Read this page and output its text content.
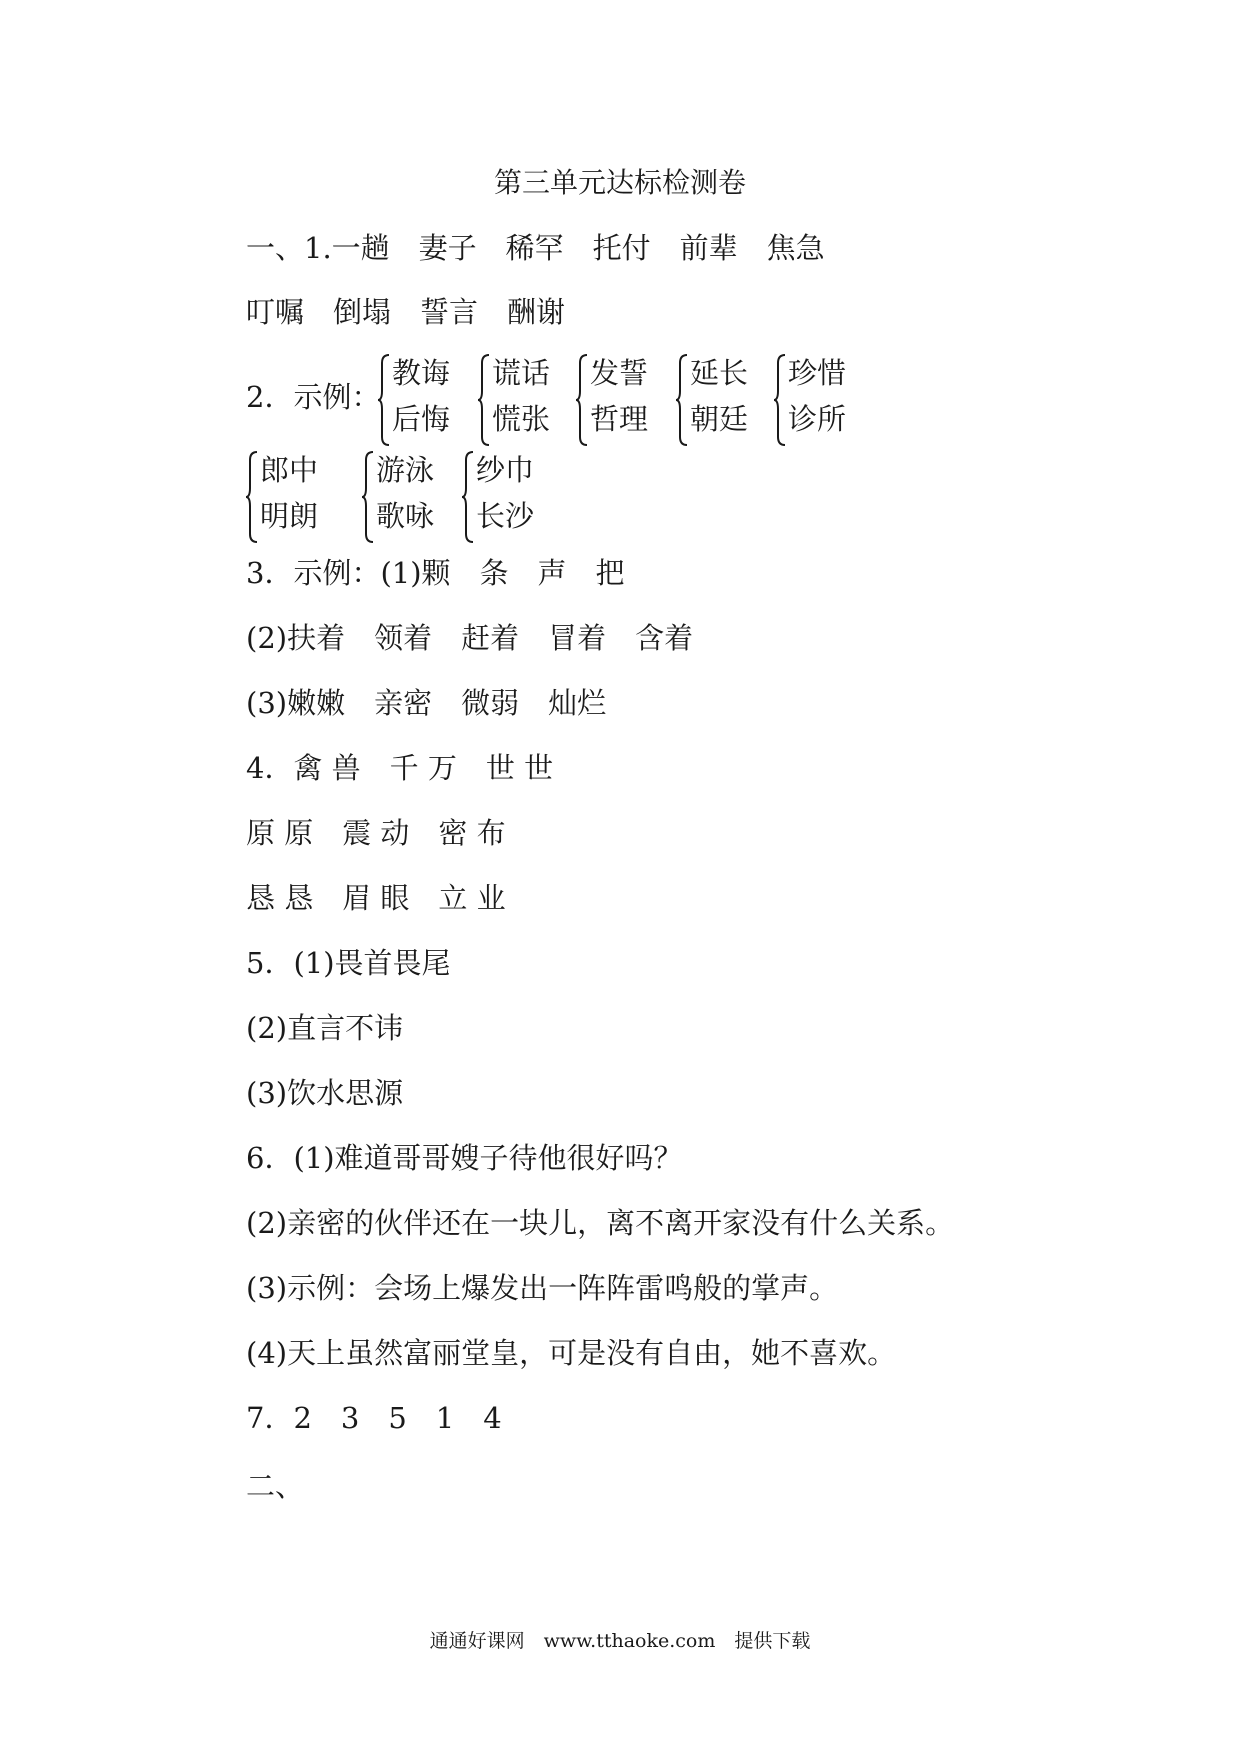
第三单元达标检测卷
一、1.一趟　妻子　稀罕　托付　前辈　焦急
叮嘱　倒塌　誓言　酬谢
2．示例：
教诲
后悔
谎话
慌张
发誓
哲理
延长
朝廷
珍惜
诊所
郎中
明朗
游泳
歌咏
纱巾
长沙
3．示例：(1)颗　条　声　把
(2)扶着　领着　赶着　冒着　含着
(3)嫩嫩　亲密　微弱　灿烂
4．禽 兽　千 万　世 世
原 原　震 动　密 布
恳 恳　眉 眼　立 业
5．(1)畏首畏尾
(2)直言不讳
(3)饮水思源
6．(1)难道哥哥嫂子待他很好吗？
(2)亲密的伙伴还在一块儿，离不离开家没有什么关系。
(3)示例：会场上爆发出一阵阵雷鸣般的掌声。
(4)天上虽然富丽堂皇，可是没有自由，她不喜欢。
7．2　3　5　1　4
二、
通通好课网　www.tthaoke.com　提供下载
